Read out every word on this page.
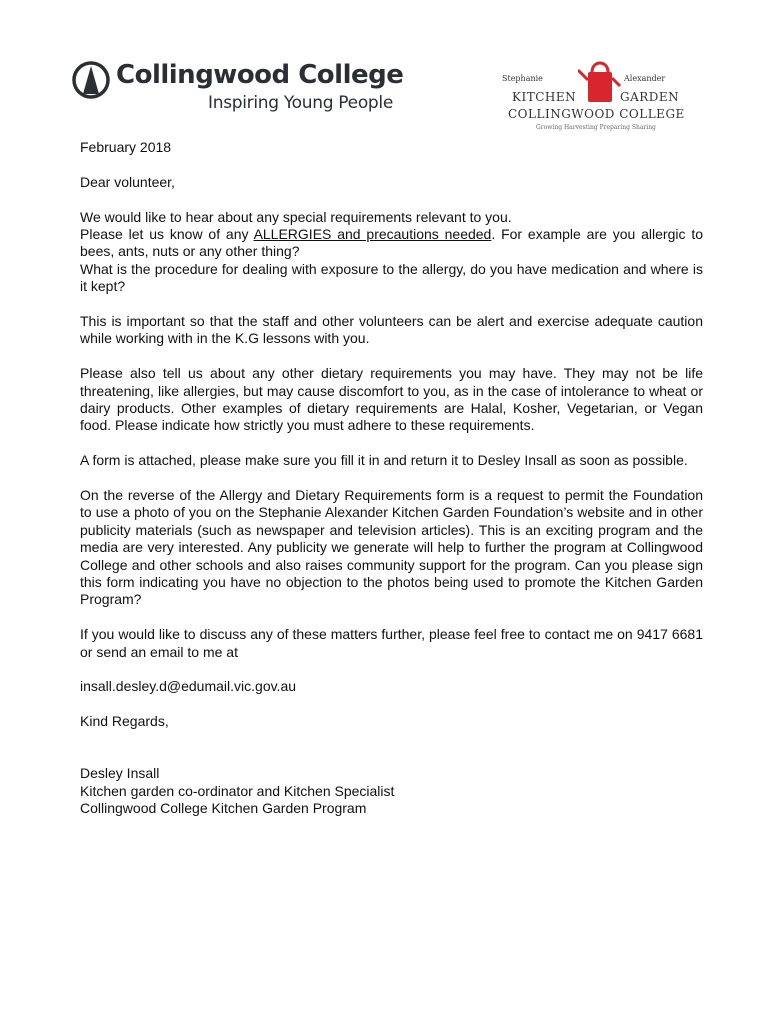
Collingwood College
Inspiring Young People
Stephanie	Alexander
KITCHEN	GARDEN
COLLINGWOOD COLLEGE
Growing Harvesting Preparing Sharing

February 2018

Dear volunteer,

We would like to hear about any special requirements relevant to you.
Please let us know of any ALLERGIES and precautions needed. For example are you allergic to bees, ants, nuts or any other thing?
What is the procedure for dealing with exposure to the allergy, do you have medication and where is it kept?

This is important so that the staff and other volunteers can be alert and exercise adequate caution while working with in the K.G lessons with you.

Please also tell us about any other dietary requirements you may have. They may not be life threatening, like allergies, but may cause discomfort to you, as in the case of intolerance to wheat or dairy products. Other examples of dietary requirements are Halal, Kosher, Vegetarian, or Vegan food. Please indicate how strictly you must adhere to these requirements.

A form is attached, please make sure you fill it in and return it to Desley Insall as soon as possible.

On the reverse of the Allergy and Dietary Requirements form is a request to permit the Foundation to use a photo of you on the Stephanie Alexander Kitchen Garden Foundation’s website and in other publicity materials (such as newspaper and television articles). This is an exciting program and the media are very interested. Any publicity we generate will help to further the program at Collingwood College and other schools and also raises community support for the program. Can you please sign this form indicating you have no objection to the photos being used to promote the Kitchen Garden Program?

If you would like to discuss any of these matters further, please feel free to contact me on 9417 6681 or send an email to me at

insall.desley.d@edumail.vic.gov.au

Kind Regards,

Desley Insall
Kitchen garden co-ordinator and Kitchen Specialist
Collingwood College Kitchen Garden Program
